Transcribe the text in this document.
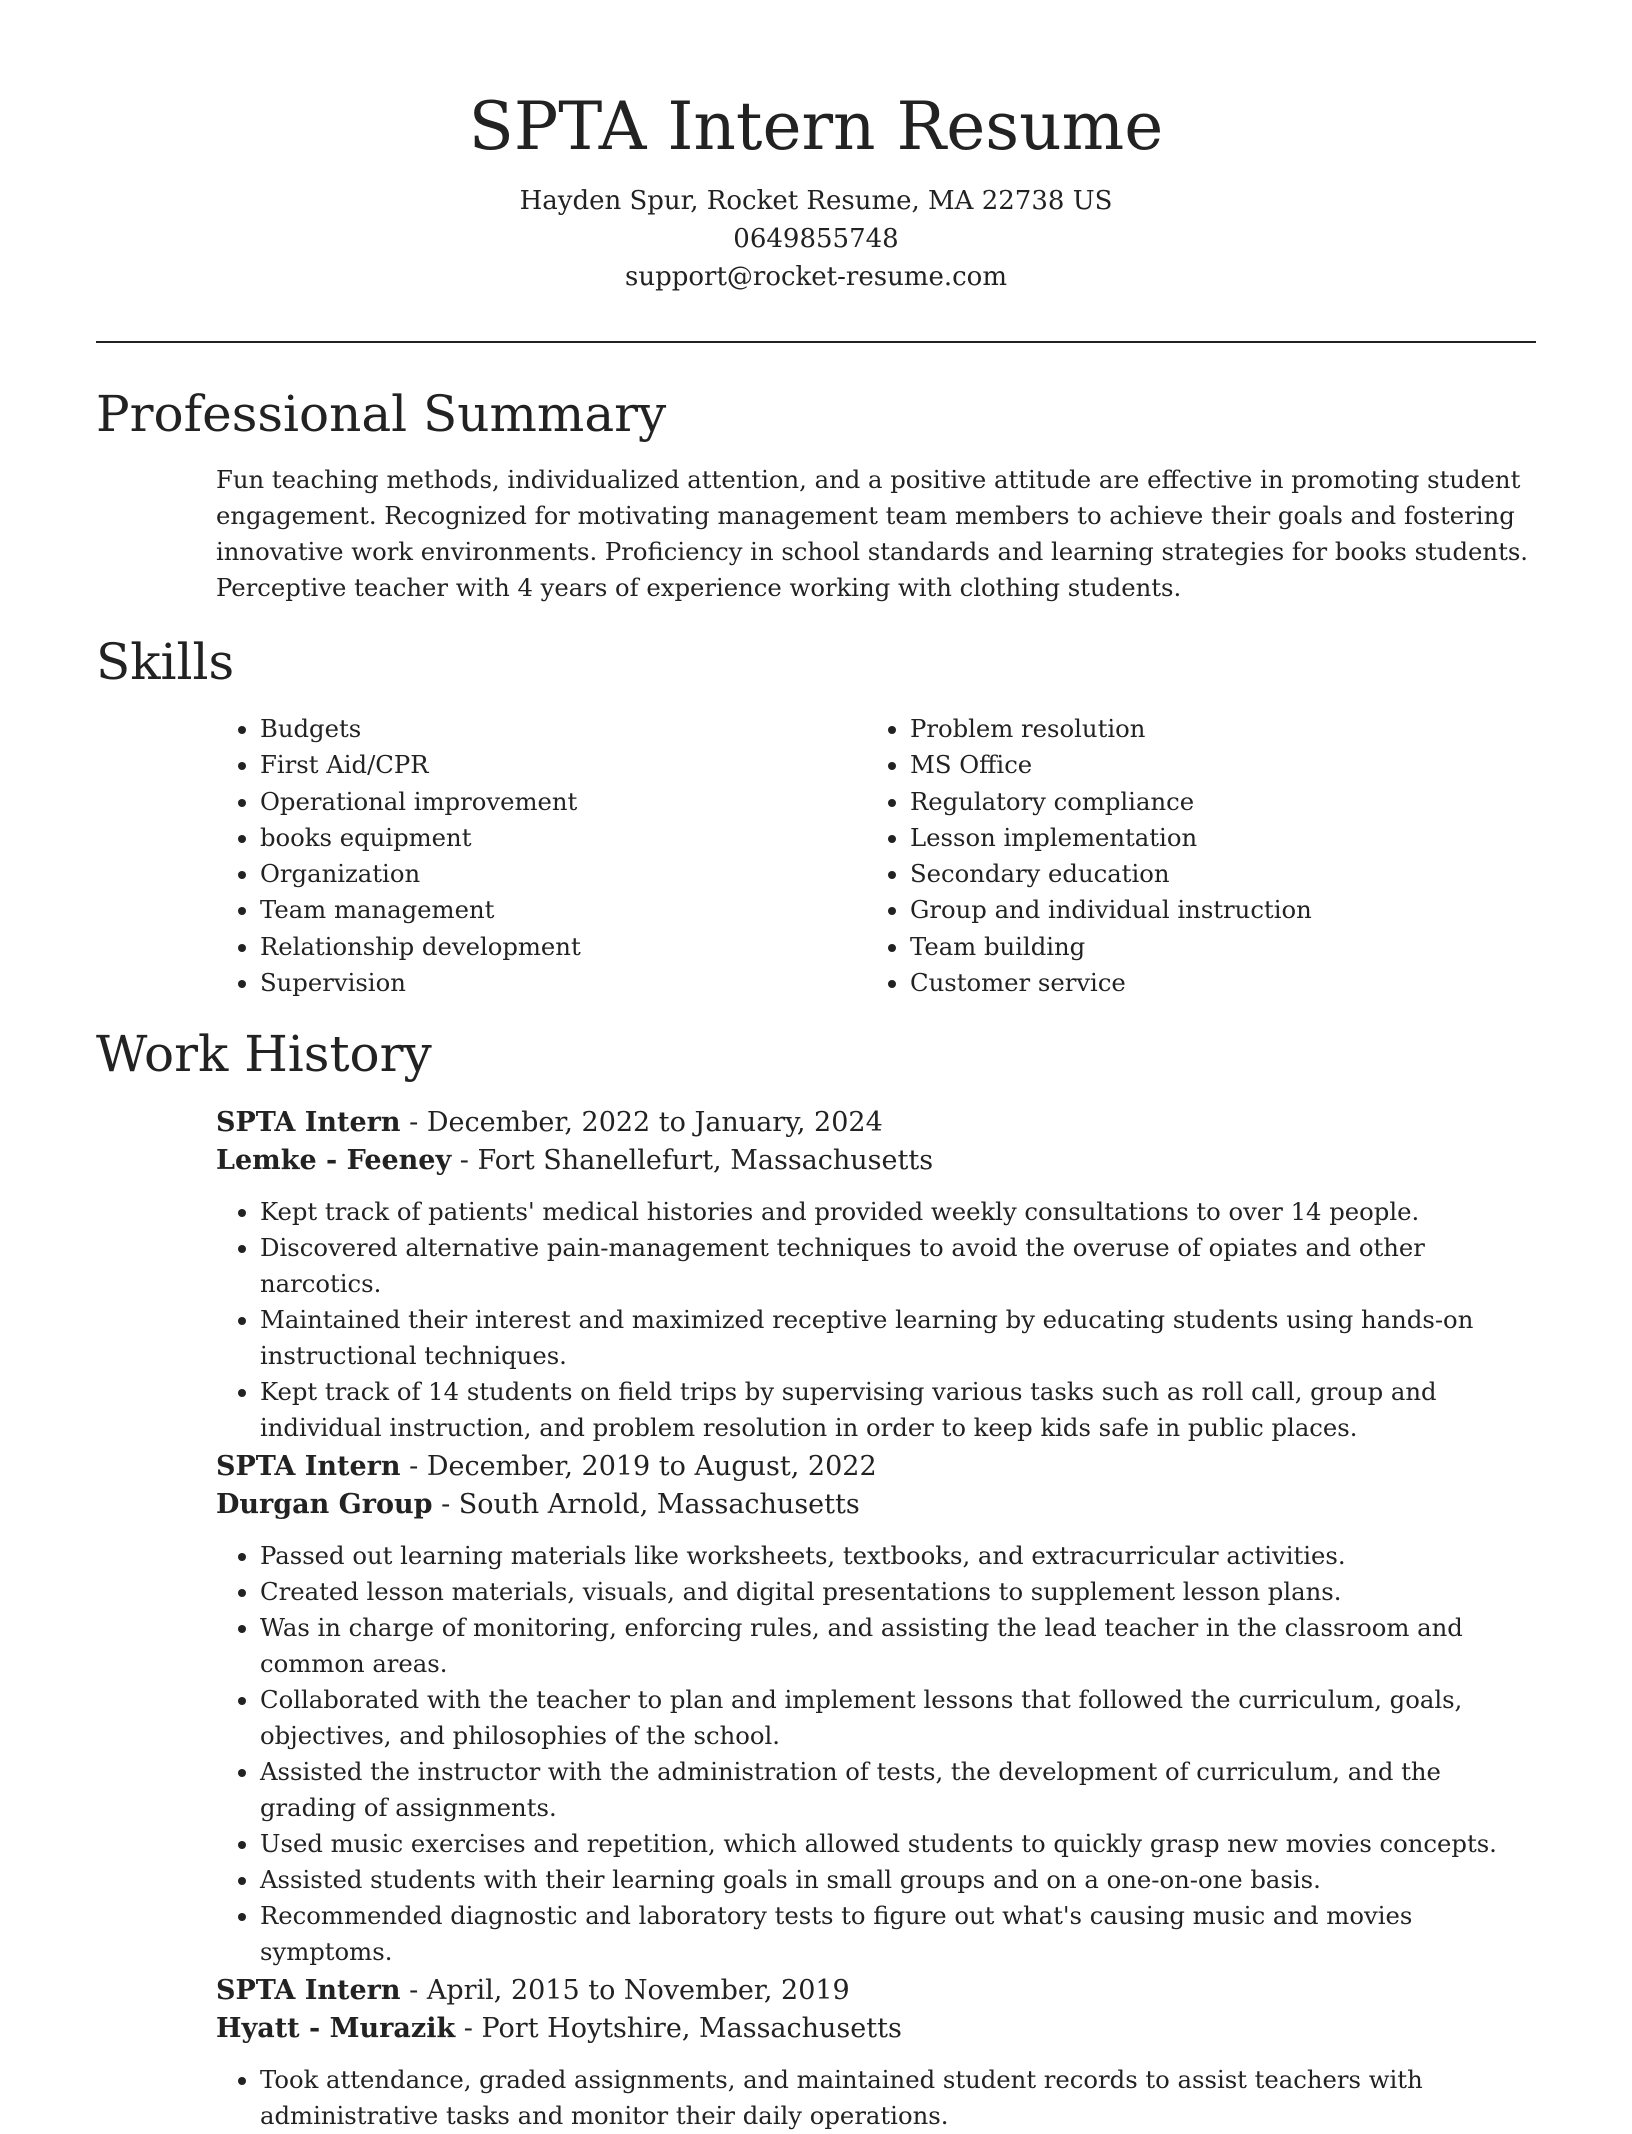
SPTA Intern Resume

Hayden Spur, Rocket Resume, MA 22738 US

0649855748

support@rocket-resume.com

Professional Summary

Fun teaching methods, individualized attention, and a positive attitude are effective in promoting student engagement. Recognized for motivating management team members to achieve their goals and fostering innovative work environments. Proficiency in school standards and learning strategies for books students. Perceptive teacher with 4 years of experience working with clothing students.

Skills
• Budgets
• First Aid/CPR
• Operational improvement
• books equipment
• Organization
• Team management
• Relationship development
• Supervision
• Problem resolution
• MS Office
• Regulatory compliance
• Lesson implementation
• Secondary education
• Group and individual instruction
• Team building
• Customer service
Work History

SPTA Intern - December, 2022 to January, 2024

Lemke - Feeney - Fort Shanellefurt, Massachusetts

• Kept track of patients' medical histories and provided weekly consultations to over 14 people.
• Discovered alternative pain-management techniques to avoid the overuse of opiates and other narcotics.
• Maintained their interest and maximized receptive learning by educating students using hands-on instructional techniques.
• Kept track of 14 students on field trips by supervising various tasks such as roll call, group and individual instruction, and problem resolution in order to keep kids safe in public places.

SPTA Intern - December, 2019 to August, 2022

Durgan Group - South Arnold, Massachusetts

• Passed out learning materials like worksheets, textbooks, and extracurricular activities.
• Created lesson materials, visuals, and digital presentations to supplement lesson plans.
• Was in charge of monitoring, enforcing rules, and assisting the lead teacher in the classroom and common areas.
• Collaborated with the teacher to plan and implement lessons that followed the curriculum, goals, objectives, and philosophies of the school.
• Assisted the instructor with the administration of tests, the development of curriculum, and the grading of assignments.
• Used music exercises and repetition, which allowed students to quickly grasp new movies concepts.
• Assisted students with their learning goals in small groups and on a one-on-one basis.
• Recommended diagnostic and laboratory tests to figure out what's causing music and movies symptoms.

SPTA Intern - April, 2015 to November, 2019

Hyatt - Murazik - Port Hoytshire, Massachusetts

• Took attendance, graded assignments, and maintained student records to assist teachers with administrative tasks and monitor their daily operations.
